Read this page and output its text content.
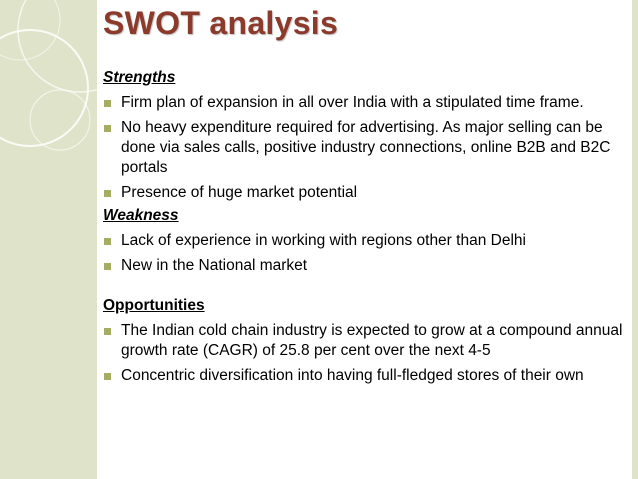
SWOT analysis

Strengths

Firm plan of expansion in all over India with a stipulated time frame.
No heavy expenditure required for advertising. As major selling can be done via sales calls, positive industry connections, online B2B and B2C portals
Presence of huge market potential

Weakness

Lack of experience in working with regions other than Delhi
New in the National market

Opportunities

The Indian cold chain industry is expected to grow at a compound annual growth rate (CAGR) of 25.8 per cent over the next 4-5
Concentric diversification into having full-fledged stores of their own
